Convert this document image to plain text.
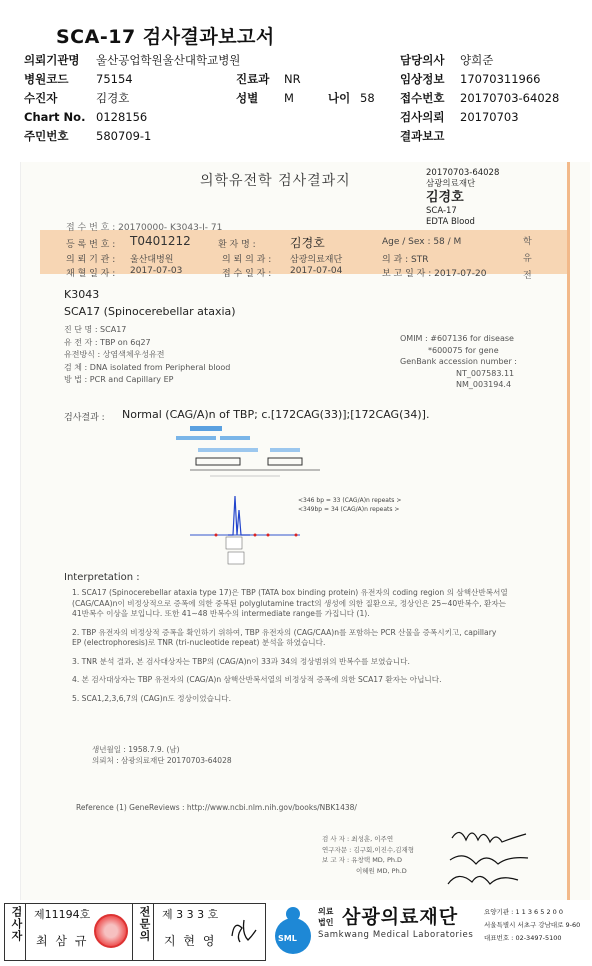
SCA-17 검사결과보고서
의뢰기관명 울산공업학원울산대학교병원
병원코드 75154
수진자	김경호
Chart No. 0128156
주민번호 580709-1
진료과 NR
성별 M	나이 58
담당의사 양희준
임상정보 17070311966
접수번호 20170703-64028
검사의뢰 20170703
결과보고
의학유전학 검사결과지	20170703-64028
삼광의료재단
김경호
SCA-17
EDTA Blood
접 수 번 호 : 20170000- K3043-I- 71
등 록 번 호 : T0401212	환 자 명 :	김경호	Age / Sex : 58 / M	학 유 전
의 뢰 기 관 : 울산대병원	의 뢰 의 과 : 삼광의료재단	의 과 : STR
채 혈 일 자 : 2017-07-03	접 수 일 자 : 2017-07-04	보 고 일 자 : 2017-07-20
K3043
SCA17 (Spinocerebellar ataxia)
진 단 명 : SCA17
유 전 자 : TBP on 6q27
유전방식 : 상염색체우성유전
검 체 : DNA isolated from Peripheral blood
방 법 : PCR and Capillary EP
OMIM : #607136 for disease
*600075 for gene
GenBank accession number :
NT_007583.11
NM_003194.4
검사결과 : Normal (CAG/A)n of TBP; c.[172CAG(33)];[172CAG(34)].
<346 bp = 33 (CAG/A)n repeats >
<349bp = 34 (CAG/A)n repeats >
Interpretation :

1. SCA17 (Spinocerebellar ataxia type 17)은 TBP (TATA box binding protein) 유전자의 coding region 의 삼핵산반복서열 (CAG/CAA)n이 비정상적으로 증폭에 의한 중복된 polyglutamine tract의 생성에 의한 질환으로, 정상인은 25~40반복수, 환자는 41반복수 이상을 보입니다. 또한 41~48 반복수의 intermediate range를 가집니다 (1).

2. TBP 유전자의 비정상적 증폭을 확인하기 위하여, TBP 유전자의 (CAG/CAA)n를 포함하는 PCR 산물을 증폭시키고, capillary EP (electrophoresis)로 TNR (tri-nucleotide repeat) 분석을 하였습니다.

3. TNR 분석 결과, 본 검사대상자는 TBP의 (CAG/A)n이 33과 34의 정상범위의 반복수를 보였습니다.

4. 본 검사대상자는 TBP 유전자의 (CAG/A)n 삼핵산반복서열의 비정상적 증폭에 의한 SCA17 환자는 아닙니다.

5. SCA1,2,3,6,7의 (CAG)n도 정상이었습니다.

생년월일 : 1958.7.9. (남)
의뢰처 : 삼광의료재단 20170703-64028
Reference (1) GeneReviews : http://www.ncbi.nlm.nih.gov/books/NBK1438/
검 사 자 : 최성훈, 이주연
연구자문 : 김구회,이진수,김재형
보 고 자 : 유창택 MD, Ph.D
이혜원 MD, Ph.D
검사자 제11194호
최 삼 규	전문의 제 3 3 3 호
지 현 영	SML
의료 법인 삼광의료재단
Samkwang Medical Laboratories
요양기관 : 1 1 3 6 5 2 0 0
서울특별시 서초구 강남대로 9-60
대표번호 : 02-3497-5100
